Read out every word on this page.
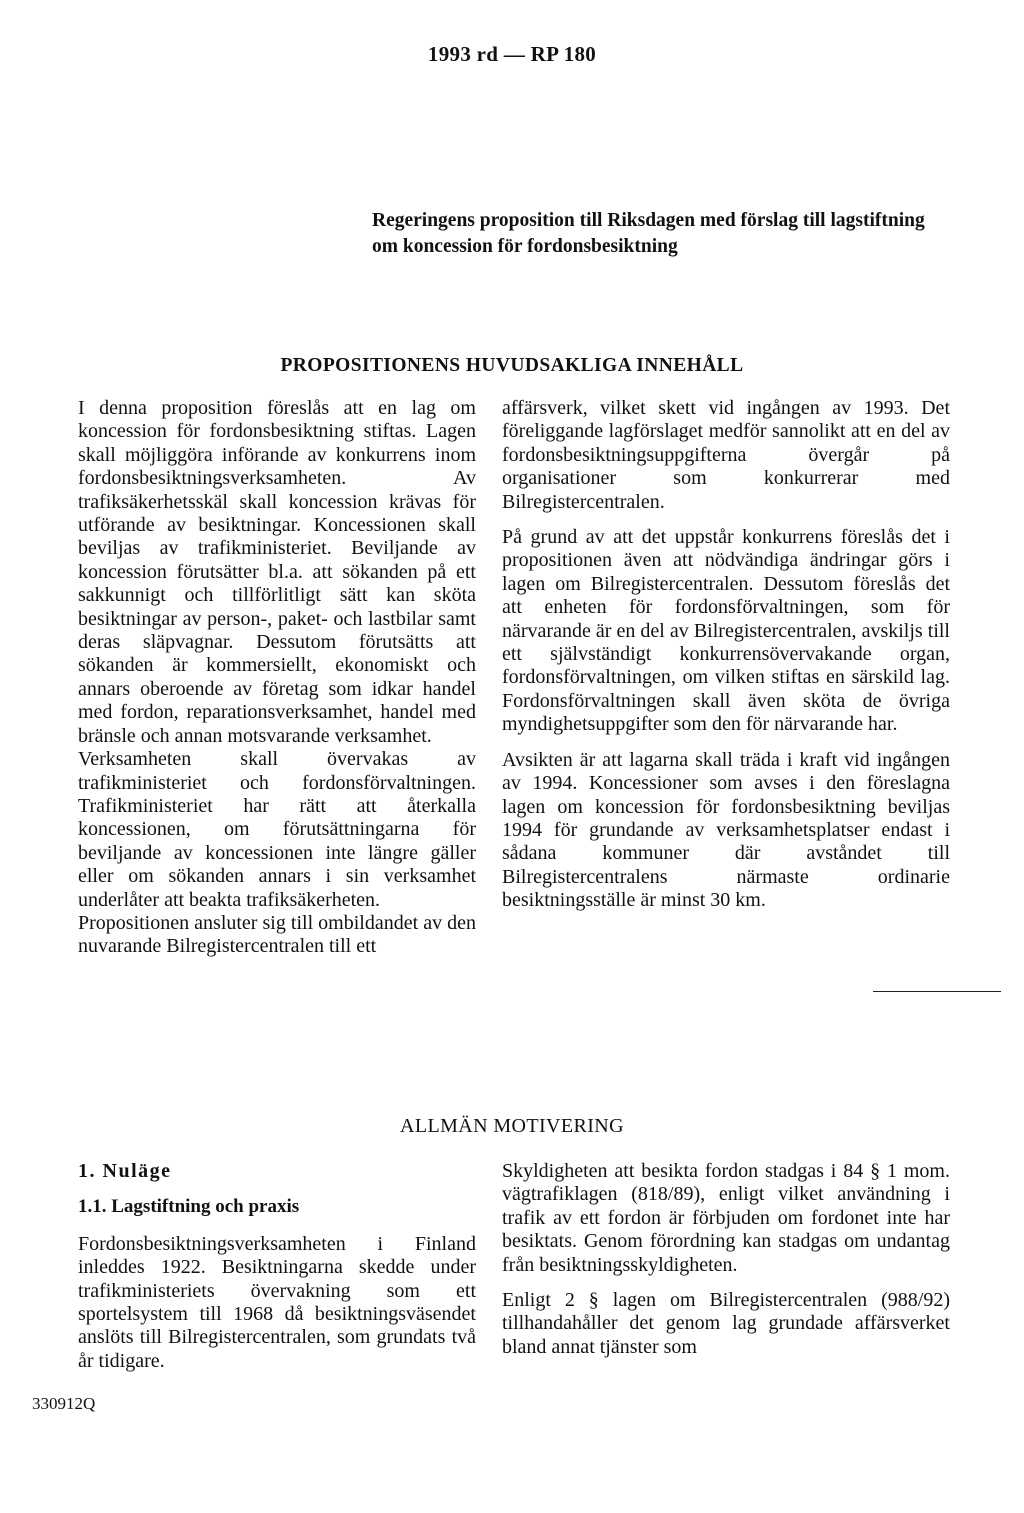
1993 rd — RP 180
Regeringens proposition till Riksdagen med förslag till lagstiftning om koncession för fordonsbesiktning
PROPOSITIONENS HUVUDSAKLIGA INNEHÅLL

I denna proposition föreslås att en lag om koncession för fordonsbesiktning stiftas. Lagen skall möjliggöra införande av konkurrens inom fordonsbesiktningsverksamheten. Av trafiksäkerhetsskäl skall koncession krävas för utförande av besiktningar. Koncessionen skall beviljas av trafikministeriet. Beviljande av koncession förutsätter bl.a. att sökanden på ett sakkunnigt och tillförlitligt sätt kan sköta besiktningar av person-, paket- och lastbilar samt deras släpvagnar. Dessutom förutsätts att sökanden är kommersiellt, ekonomiskt och annars oberoende av företag som idkar handel med fordon, reparationsverksamhet, handel med bränsle och annan motsvarande verksamhet.

Verksamheten skall övervakas av trafikministeriet och fordonsförvaltningen. Trafikministeriet har rätt att återkalla koncessionen, om förutsättningarna för beviljande av koncessionen inte längre gäller eller om sökanden annars i sin verksamhet underlåter att beakta trafiksäkerheten.

Propositionen ansluter sig till ombildandet av den nuvarande Bilregistercentralen till ett

affärsverk, vilket skett vid ingången av 1993. Det föreliggande lagförslaget medför sannolikt att en del av fordonsbesiktningsuppgifterna övergår på organisationer som konkurrerar med Bilregistercentralen.

På grund av att det uppstår konkurrens föreslås det i propositionen även att nödvändiga ändringar görs i lagen om Bilregistercentralen. Dessutom föreslås det att enheten för fordonsförvaltningen, som för närvarande är en del av Bilregistercentralen, avskiljs till ett självständigt konkurrensövervakande organ, fordonsförvaltningen, om vilken stiftas en särskild lag. Fordonsförvaltningen skall även sköta de övriga myndighetsuppgifter som den för närvarande har.

Avsikten är att lagarna skall träda i kraft vid ingången av 1994. Koncessioner som avses i den föreslagna lagen om koncession för fordonsbesiktning beviljas 1994 för grundande av verksamhetsplatser endast i sådana kommuner där avståndet till Bilregistercentralens närmaste ordinarie besiktningsställe är minst 30 km.

ALLMÄN MOTIVERING
1. Nuläge
1.1. Lagstiftning och praxis

Fordonsbesiktningsverksamheten i Finland inleddes 1922. Besiktningarna skedde under trafikministeriets övervakning som ett sportelsystem till 1968 då besiktningsväsendet anslöts till Bilregistercentralen, som grundats två år tidigare.

Skyldigheten att besikta fordon stadgas i 84 § 1 mom. vägtrafiklagen (818/89), enligt vilket användning i trafik av ett fordon är förbjuden om fordonet inte har besiktats. Genom förordning kan stadgas om undantag från besiktningsskyldigheten.

Enligt 2 § lagen om Bilregistercentralen (988/92) tillhandahåller det genom lag grundade affärsverket bland annat tjänster som

330912Q
